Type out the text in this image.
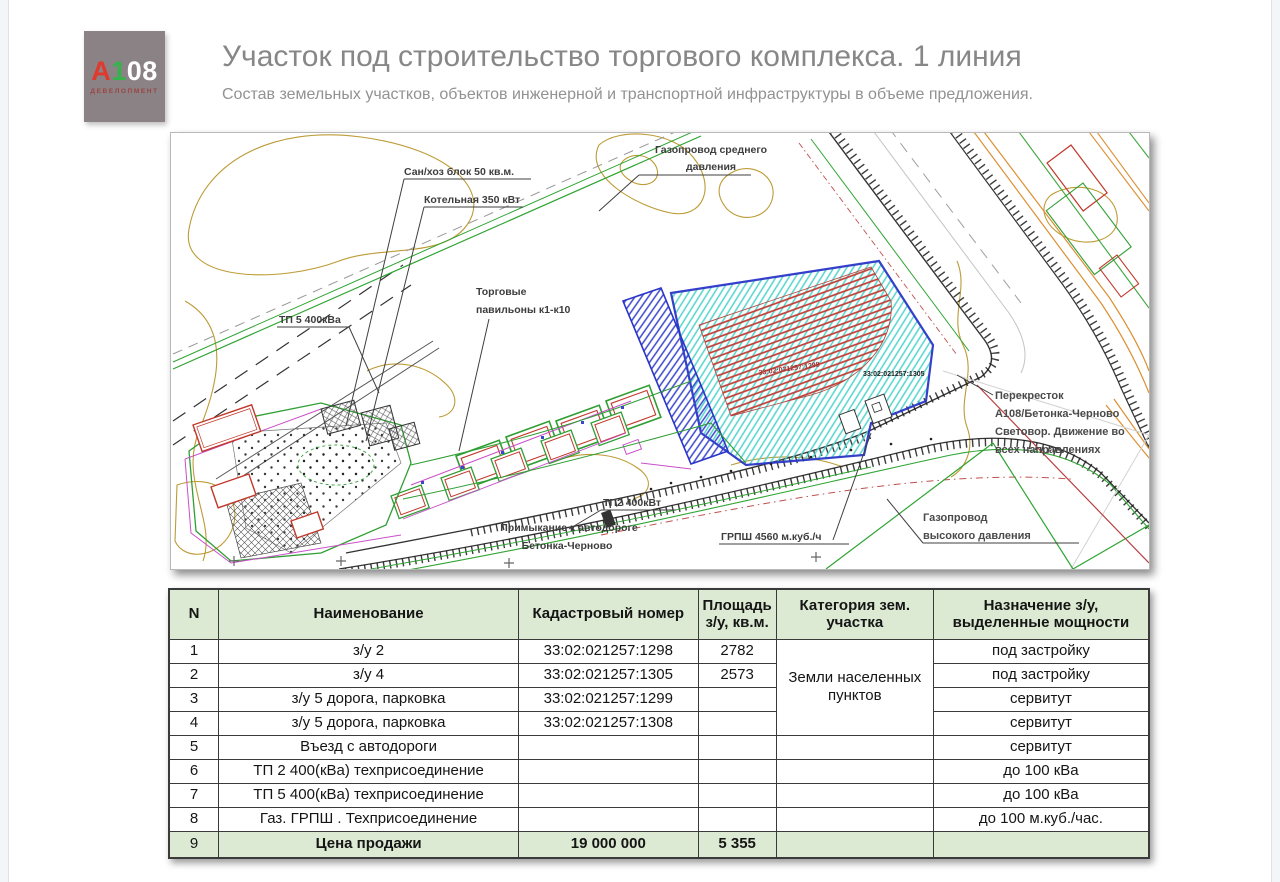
А108
ДЕВЕЛОПМЕНТ
Участок под строительство торгового комплекса. 1 линия
Состав земельных участков, объектов инженерной и транспортной инфраструктуры в объеме предложения.
33:02:021257:1298	33:02:021257:1305
Сан/хоз блок 50 кв.м.
Котельная 350 кВт
Газопровод среднего
давления
ТП 5 400кВа
Торговые
павильоны к1-к10
Перекресток
А108/Бетонка-Черново
Световор. Движение во
всех направлениях
Газопровод
высокого давления
ГРПШ 4560 м.куб./ч
ТП2 400кВт
Примыкание к автодороге
Бетонка-Черново
N	Наименование	Кадастровый номер	Площадь з/у, кв.м.	Категория зем. участка	Назначение з/у, выделенные мощности
1	з/у 2	33:02:021257:1298	2782	Земли населенных пунктов	под застройку
2	з/у 4	33:02:021257:1305	2573		под застройку
3	з/у 5 дорога, парковка	33:02:021257:1299			сервитут
4	з/у 5 дорога, парковка	33:02:021257:1308			сервитут
5	Въезд с автодороги				сервитут
6	ТП 2 400(кВа) техприсоединение				до 100 кВа
7	ТП 5 400(кВа) техприсоединение				до 100 кВа
8	Газ. ГРПШ . Техприсоединение				до 100 м.куб./час.
9	Цена продажи	19 000 000	5 355		
